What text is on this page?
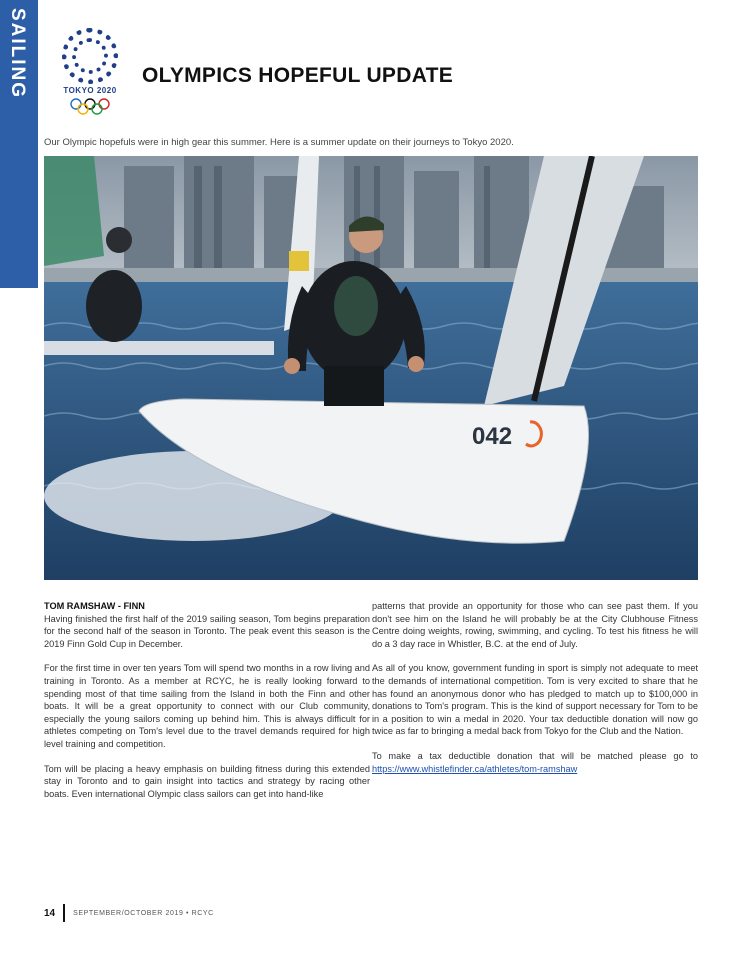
SAILING	TOKYO 2020
OLYMPICS HOPEFUL UPDATE

Our Olympic hopefuls were in high gear this summer. Here is a summer update on their journeys to Tokyo 2020.

042

TOM RAMSHAW - FINN
Having finished the first half of the 2019 sailing season, Tom begins preparation for the second half of the season in Toronto. The peak event this season is the 2019 Finn Gold Cup in December.

For the first time in over ten years Tom will spend two months in a row living and training in Toronto. As a member at RCYC, he is really looking forward to spending most of that time sailing from the Island in both the Finn and other boats. It will be a great opportunity to connect with our Club community, especially the young sailors coming up behind him. This is always difficult for athletes competing on Tom's level due to the travel demands required for high level training and competition.

Tom will be placing a heavy emphasis on building fitness during this extended stay in Toronto and to gain insight into tactics and strategy by racing other boats. Even international Olympic class sailors can get into hand-like

patterns that provide an opportunity for those who can see past them. If you don't see him on the Island he will probably be at the City Clubhouse Fitness Centre doing weights, rowing, swimming, and cycling. To test his fitness he will do a 3 day race in Whistler, B.C. at the end of July.

As all of you know, government funding in sport is simply not adequate to meet the demands of international competition. Tom is very excited to share that he has found an anonymous donor who has pledged to match up to $100,000 in donations to Tom's program. This is the kind of support necessary for Tom to be in a position to win a medal in 2020. Your tax deductible donation will now go twice as far to bringing a medal back from Tokyo for the Club and the Nation.

To make a tax deductible donation that will be matched please go to https://www.whistlefinder.ca/athletes/tom-ramshaw

14	SEPTEMBER/OCTOBER 2019 • RCYC
